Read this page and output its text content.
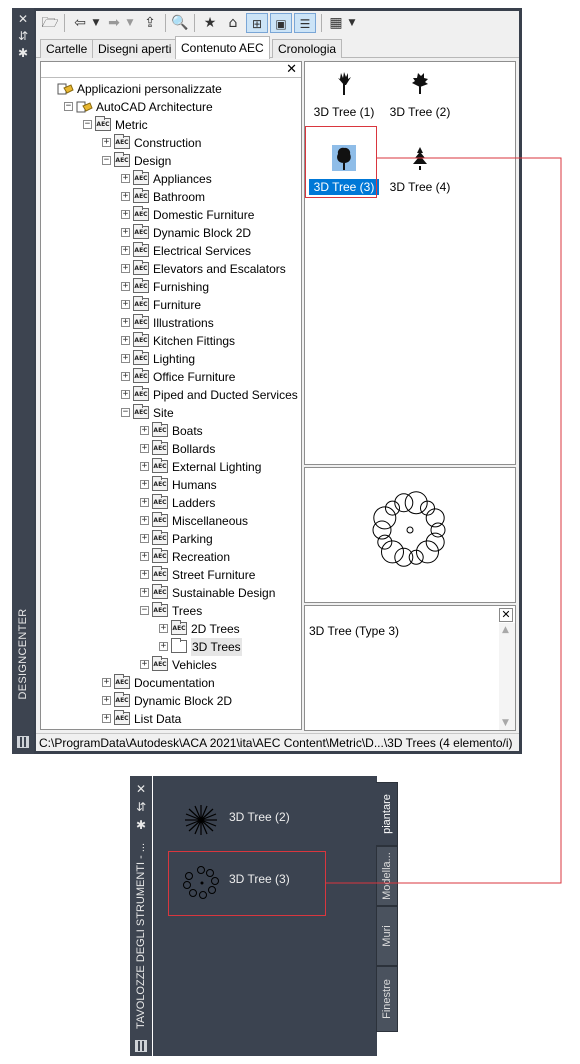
✕
⇵
✱
DESIGNCENTER
🗁 ⇦ ▼ ➡ ▼ ⇪ 🔍 ★ ⌂	⊞	▣	☰	▦ ▼
Cartelle Disegni aperti Contenuto AEC	Cronologia
✕
Applicazioni personalizzate
− AutoCAD Architecture
− AEC Metric
+ AEC Construction
− AEC Design
+ AEC Appliances
+ AEC Bathroom
+ AEC Domestic Furniture
+ AEC Dynamic Block 2D
+ AEC Electrical Services
+ AEC Elevators and Escalators
+ AEC Furnishing
+ AEC Furniture
+ AEC Illustrations
+ AEC Kitchen Fittings
+ AEC Lighting
+ AEC Office Furniture
+ AEC Piped and Ducted Services
− AEC Site
+ AEC Boats
+ AEC Bollards
+ AEC External Lighting
+ AEC Humans
+ AEC Ladders
+ AEC Miscellaneous
+ AEC Parking
+ AEC Recreation
+ AEC Street Furniture
+ AEC Sustainable Design
− AEC Trees
+ AEC 2D Trees
+ 3D Trees
+ AEC Vehicles
+ AEC Documentation
+ AEC Dynamic Block 2D
+ AEC List Data
3D Tree (1)	3D Tree (2)
3D Tree (3)	3D Tree (4)
✕
3D Tree (Type 3)	▲
▼
C:\ProgramData\Autodesk\ACA 2021\ita\AEC Content\Metric\D...\3D Trees (4 elemento/i)
✕
⇵
✱
TAVOLOZZE DEGLI STRUMENTI - ...
3D Tree (2)
3D Tree (3)
piantare
Modella...
Muri
Finestre
